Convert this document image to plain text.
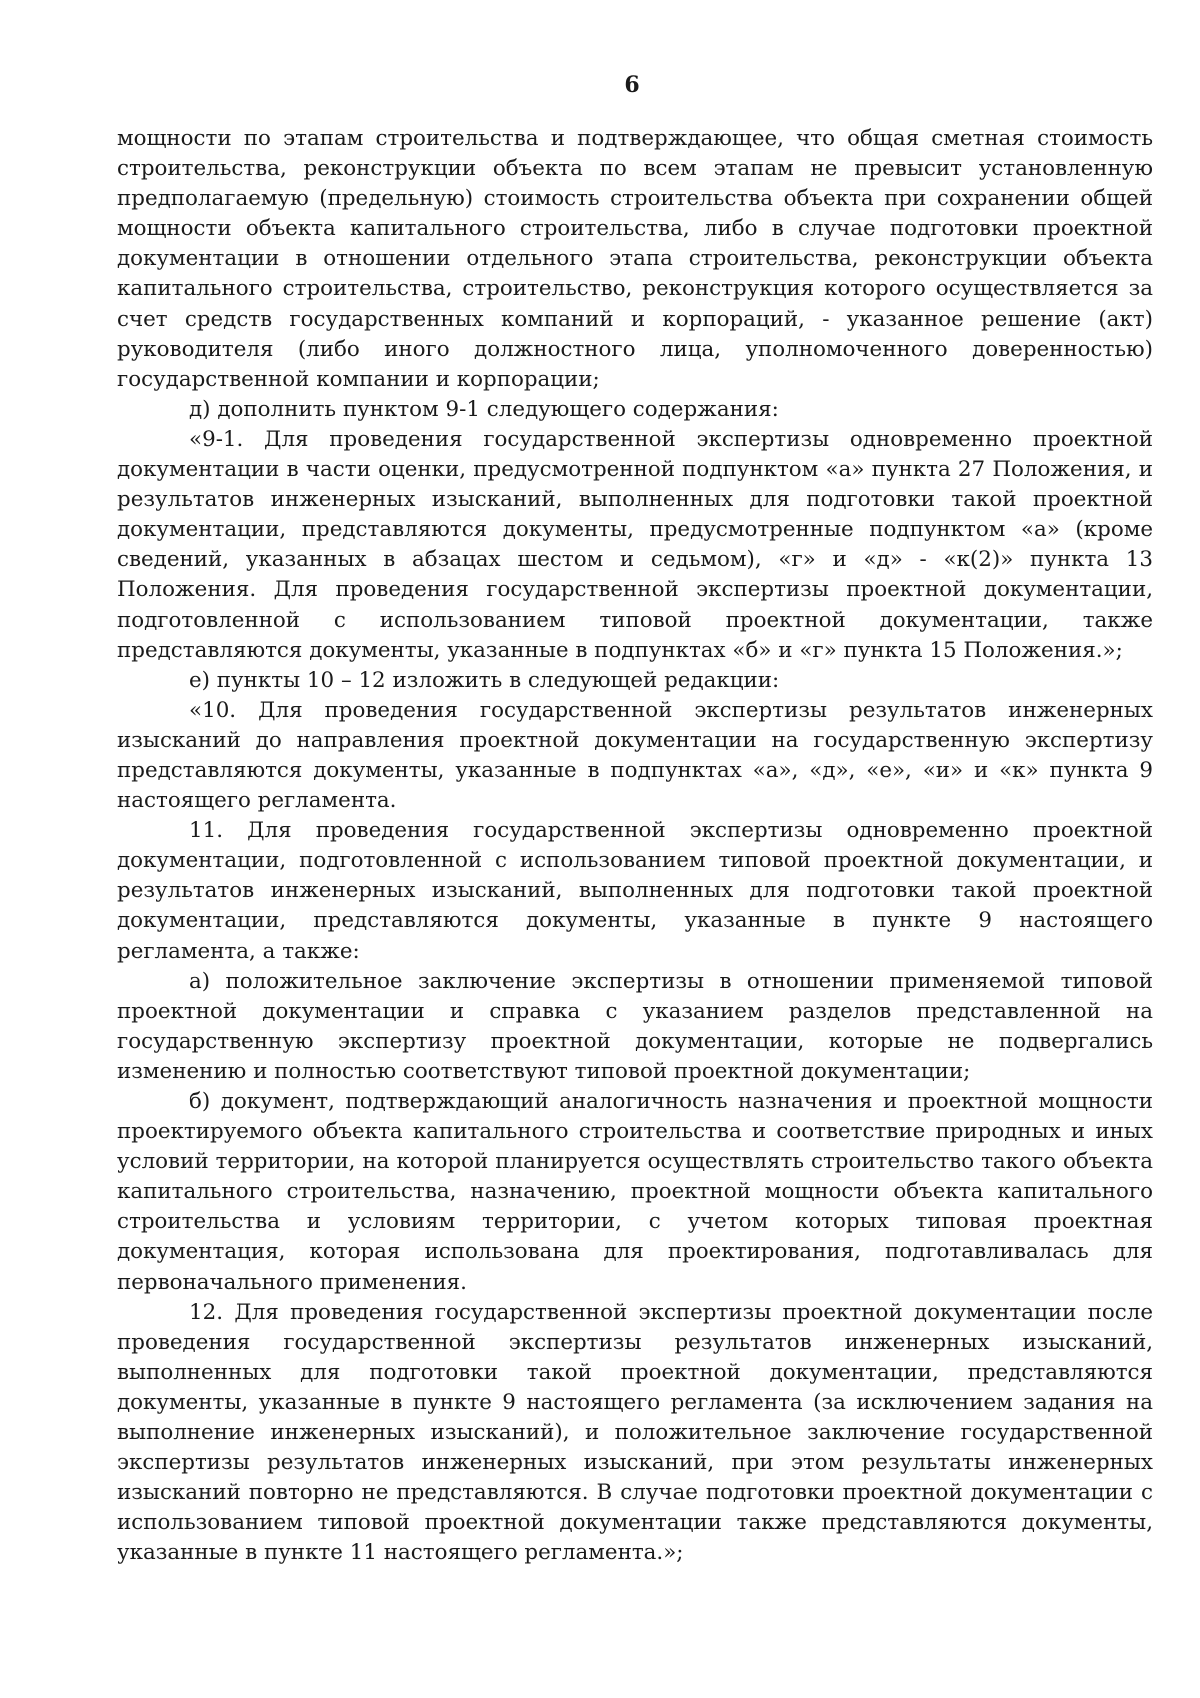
6

мощности по этапам строительства и подтверждающее, что общая сметная стоимость строительства, реконструкции объекта по всем этапам не превысит установленную предполагаемую (предельную) стоимость строительства объекта при сохранении общей мощности объекта капитального строительства, либо в случае подготовки проектной документации в отношении отдельного этапа строительства, реконструкции объекта капитального строительства, строительство, реконструкция которого осуществляется за счет средств государственных компаний и корпораций, - указанное решение (акт) руководителя (либо иного должностного лица, уполномоченного доверенностью) государственной компании и корпорации;

д) дополнить пунктом 9-1 следующего содержания:

«9-1. Для проведения государственной экспертизы одновременно проектной документации в части оценки, предусмотренной подпунктом «а» пункта 27 Положения, и результатов инженерных изысканий, выполненных для подготовки такой проектной документации, представляются документы, предусмотренные подпунктом «а» (кроме сведений, указанных в абзацах шестом и седьмом), «г» и «д» - «к(2)» пункта 13 Положения. Для проведения государственной экспертизы проектной документации, подготовленной с использованием типовой проектной документации, также представляются документы, указанные в подпунктах «б» и «г» пункта 15 Положения.»;

е) пункты 10 – 12 изложить в следующей редакции:

«10. Для проведения государственной экспертизы результатов инженерных изысканий до направления проектной документации на государственную экспертизу представляются документы, указанные в подпунктах «а», «д», «е», «и» и «к» пункта 9 настоящего регламента.

11. Для проведения государственной экспертизы одновременно проектной документации, подготовленной с использованием типовой проектной документации, и результатов инженерных изысканий, выполненных для подготовки такой проектной документации, представляются документы, указанные в пункте 9 настоящего регламента, а также:

а) положительное заключение экспертизы в отношении применяемой типовой проектной документации и справка с указанием разделов представленной на государственную экспертизу проектной документации, которые не подвергались изменению и полностью соответствуют типовой проектной документации;

б) документ, подтверждающий аналогичность назначения и проектной мощности проектируемого объекта капитального строительства и соответствие природных и иных условий территории, на которой планируется осуществлять строительство такого объекта капитального строительства, назначению, проектной мощности объекта капитального строительства и условиям территории, с учетом которых типовая проектная документация, которая использована для проектирования, подготавливалась для первоначального применения.

12. Для проведения государственной экспертизы проектной документации после проведения государственной экспертизы результатов инженерных изысканий, выполненных для подготовки такой проектной документации, представляются документы, указанные в пункте 9 настоящего регламента (за исключением задания на выполнение инженерных изысканий), и положительное заключение государственной экспертизы результатов инженерных изысканий, при этом результаты инженерных изысканий повторно не представляются. В случае подготовки проектной документации с использованием типовой проектной документации также представляются документы, указанные в пункте 11 настоящего регламента.»;
